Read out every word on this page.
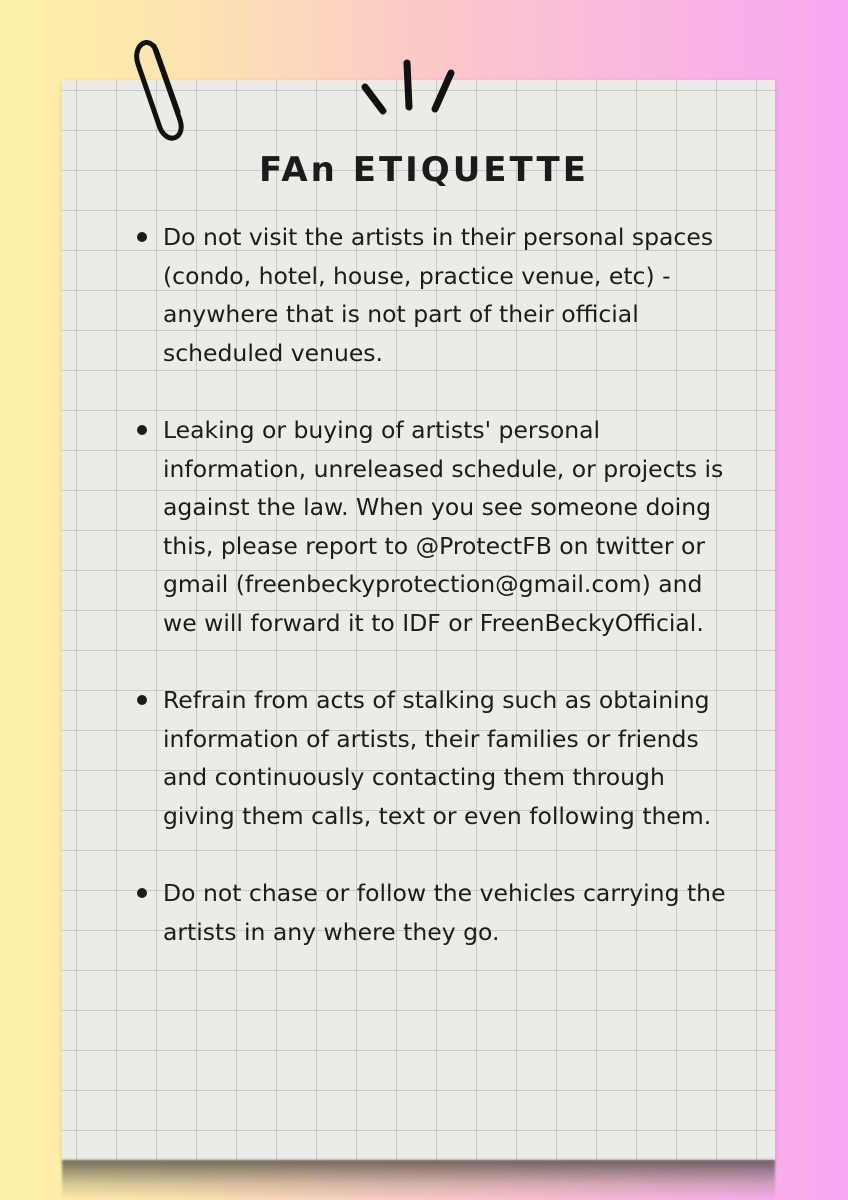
FAn ETIQUETTE
Do not visit the artists in their personal spaces (condo, hotel, house, practice venue, etc) - anywhere that is not part of their official scheduled venues.
Leaking or buying of artists' personal information, unreleased schedule, or projects is against the law. When you see someone doing this, please report to @ProtectFB on twitter or gmail (freenbeckyprotection@gmail.com) and we will forward it to IDF or FreenBeckyOfficial.
Refrain from acts of stalking such as obtaining information of artists, their families or friends and continuously contacting them through giving them calls, text or even following them.
Do not chase or follow the vehicles carrying the artists in any where they go.
